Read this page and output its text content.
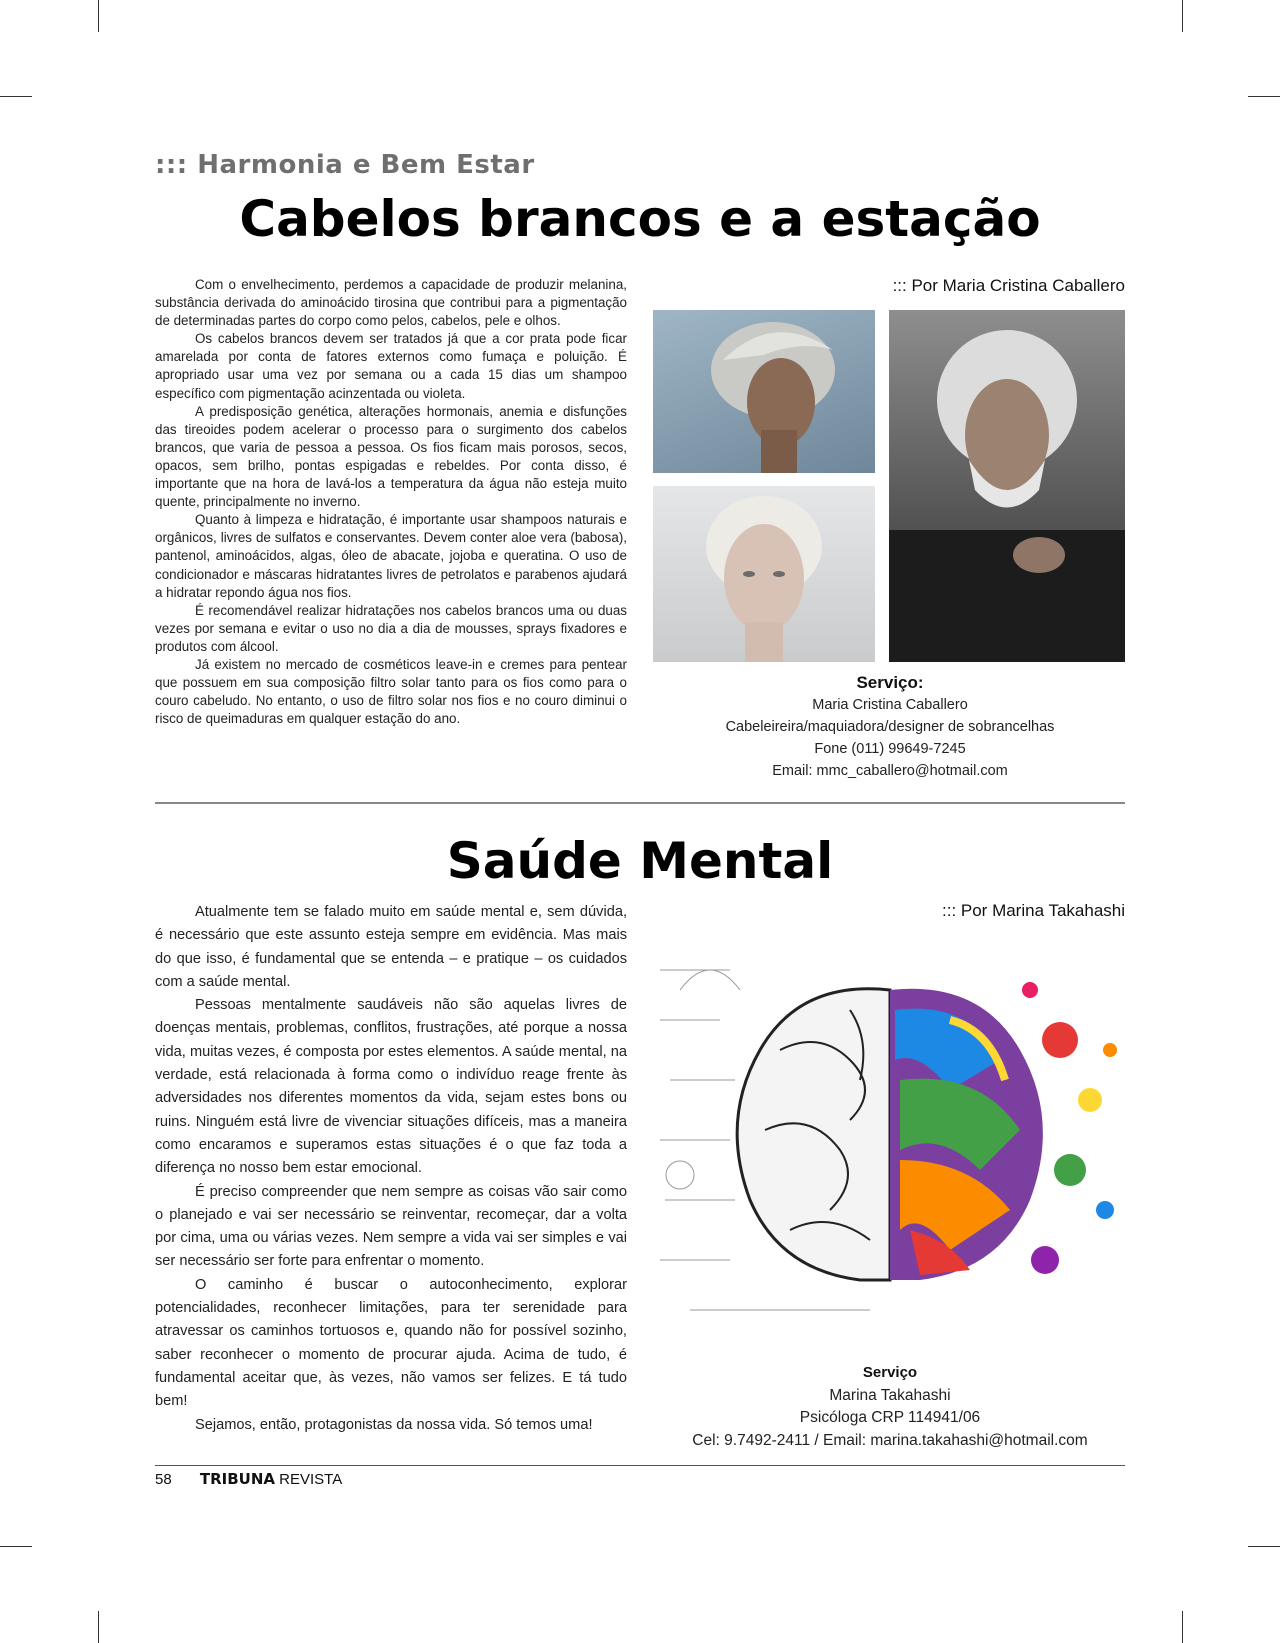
::: Harmonia e Bem Estar
Cabelos brancos e a estação

Com o envelhecimento, perdemos a capacidade de produzir melanina, substância derivada do aminoácido tirosina que contribui para a pigmentação de determinadas partes do corpo como pelos, cabelos, pele e olhos.

Os cabelos brancos devem ser tratados já que a cor prata pode ficar amarelada por conta de fatores externos como fumaça e poluição. É apropriado usar uma vez por semana ou a cada 15 dias um shampoo específico com pigmentação acinzentada ou violeta.

A predisposição genética, alterações hormonais, anemia e disfunções das tireoides podem acelerar o processo para o surgimento dos cabelos brancos, que varia de pessoa a pessoa. Os fios ficam mais porosos, secos, opacos, sem brilho, pontas espigadas e rebeldes. Por conta disso, é importante que na hora de lavá-los a temperatura da água não esteja muito quente, principalmente no inverno.

Quanto à limpeza e hidratação, é importante usar shampoos naturais e orgânicos, livres de sulfatos e conservantes. Devem conter aloe vera (babosa), pantenol, aminoácidos, algas, óleo de abacate, jojoba e queratina. O uso de condicionador e máscaras hidratantes livres de petrolatos e parabenos ajudará a hidratar repondo água nos fios.

É recomendável realizar hidratações nos cabelos brancos uma ou duas vezes por semana e evitar o uso no dia a dia de mousses, sprays fixadores e produtos com álcool.

Já existem no mercado de cosméticos leave-in e cremes para pentear que possuem em sua composição filtro solar tanto para os fios como para o couro cabeludo. No entanto, o uso de filtro solar nos fios e no couro diminui o risco de queimaduras em qualquer estação do ano.

::: Por Maria Cristina Caballero
Serviço:
Maria Cristina Caballero
Cabeleireira/maquiadora/designer de sobrancelhas
Fone (011) 99649-7245
Email: mmc_caballero@hotmail.com
Saúde Mental

Atualmente tem se falado muito em saúde mental e, sem dúvida, é necessário que este assunto esteja sempre em evidência. Mas mais do que isso, é fundamental que se entenda – e pratique – os cuidados com a saúde mental.

Pessoas mentalmente saudáveis não são aquelas livres de doenças mentais, problemas, conflitos, frustrações, até porque a nossa vida, muitas vezes, é composta por estes elementos. A saúde mental, na verdade, está relacionada à forma como o indivíduo reage frente às adversidades nos diferentes momentos da vida, sejam estes bons ou ruins. Ninguém está livre de vivenciar situações difíceis, mas a maneira como encaramos e superamos estas situações é o que faz toda a diferença no nosso bem estar emocional.

É preciso compreender que nem sempre as coisas vão sair como o planejado e vai ser necessário se reinventar, recomeçar, dar a volta por cima, uma ou várias vezes. Nem sempre a vida vai ser simples e vai ser necessário ser forte para enfrentar o momento.

O caminho é buscar o autoconhecimento, explorar potencialidades, reconhecer limitações, para ter serenidade para atravessar os caminhos tortuosos e, quando não for possível sozinho, saber reconhecer o momento de procurar ajuda. Acima de tudo, é fundamental aceitar que, às vezes, não vamos ser felizes. E tá tudo bem!

Sejamos, então, protagonistas da nossa vida. Só temos uma!

::: Por Marina Takahashi
Serviço
Marina Takahashi
Psicóloga CRP 114941/06
Cel: 9.7492-2411 / Email: marina.takahashi@hotmail.com
58 TRIBUNA REVISTA
